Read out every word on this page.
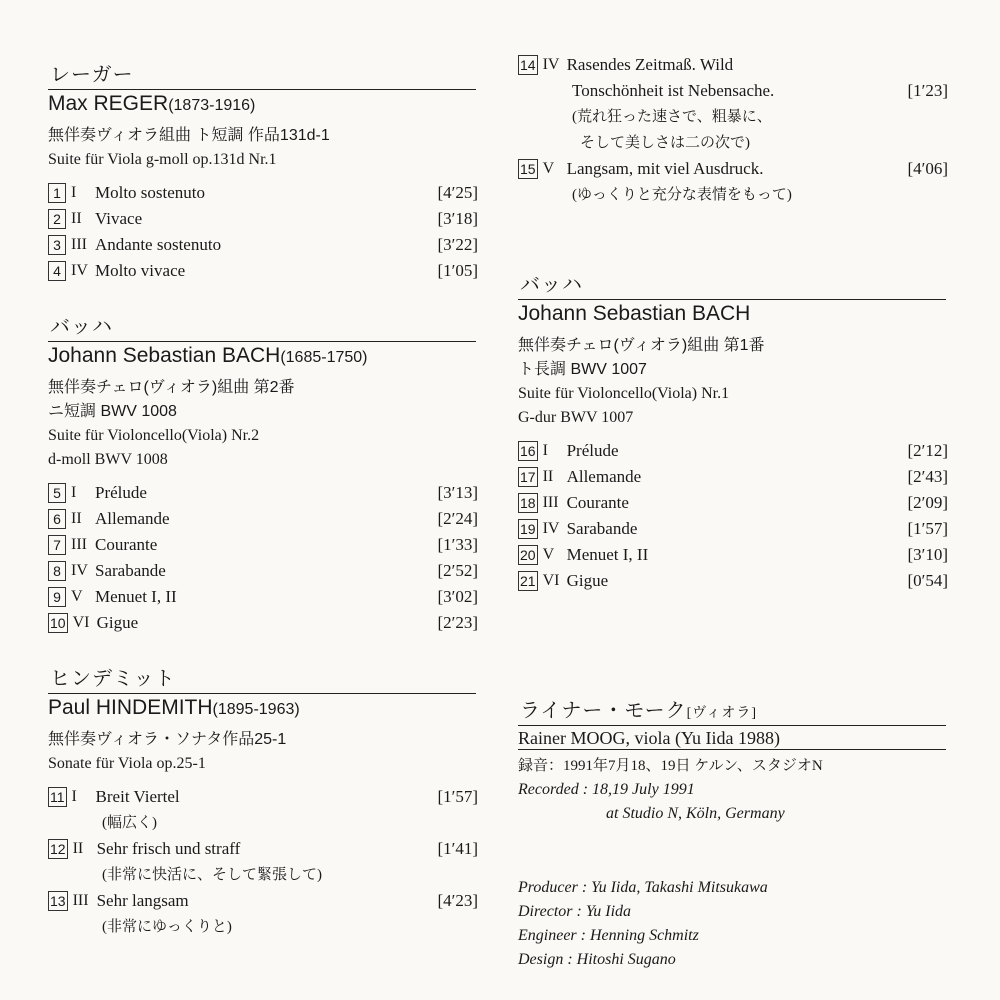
レーガー
Max REGER(1873-1916)
無伴奏ヴィオラ組曲 ト短調 作品131d-1
Suite für Viola g-moll op.131d Nr.1
1 I	Molto sostenuto	[4′25]
2 II Vivace	[3′18]
3 III Andante sostenuto	[3′22]
4 IV Molto vivace	[1′05]
バッハ
Johann Sebastian BACH(1685-1750)
無伴奏チェロ(ヴィオラ)組曲 第2番
ニ短調 BWV 1008
Suite für Violoncello(Viola) Nr.2
d-moll BWV 1008
5 I	Prélude	[3′13]
6 II Allemande	[2′24]
7 III Courante	[1′33]
8 IV Sarabande	[2′52]
9 V Menuet I, II	[3′02]
10 VI Gigue	[2′23]
ヒンデミット
Paul HINDEMITH(1895-1963)
無伴奏ヴィオラ・ソナタ作品25-1
Sonate für Viola op.25-1
11 I	Breit Viertel	[1′57]
(幅広く)
12 II Sehr frisch und straff	[1′41]
(非常に快活に、そして緊張して)
13 III Sehr langsam	[4′23]
(非常にゆっくりと)
14 IV Rasendes Zeitmaß. Wild
Tonschönheit ist Nebensache.	[1′23]
(荒れ狂った速さで、粗暴に、
そして美しさは二の次で)
15 V Langsam, mit viel Ausdruck.	[4′06]
(ゆっくりと充分な表情をもって)
バッハ
Johann Sebastian BACH
無伴奏チェロ(ヴィオラ)組曲 第1番
ト長調 BWV 1007
Suite für Violoncello(Viola) Nr.1
G-dur BWV 1007
16 I	Prélude	[2′12]
17 II Allemande	[2′43]
18 III Courante	[2′09]
19 IV Sarabande	[1′57]
20 V Menuet I, II	[3′10]
21 VI Gigue	[0′54]
ライナー・モーク[ヴィオラ]
Rainer MOOG, viola (Yu Iida 1988)
録音：1991年7月18、19日 ケルン、スタジオN
Recorded : 18,19 July 1991
at Studio N, Köln, Germany
Producer : Yu Iida, Takashi Mitsukawa
Director : Yu Iida
Engineer : Henning Schmitz
Design : Hitoshi Sugano
